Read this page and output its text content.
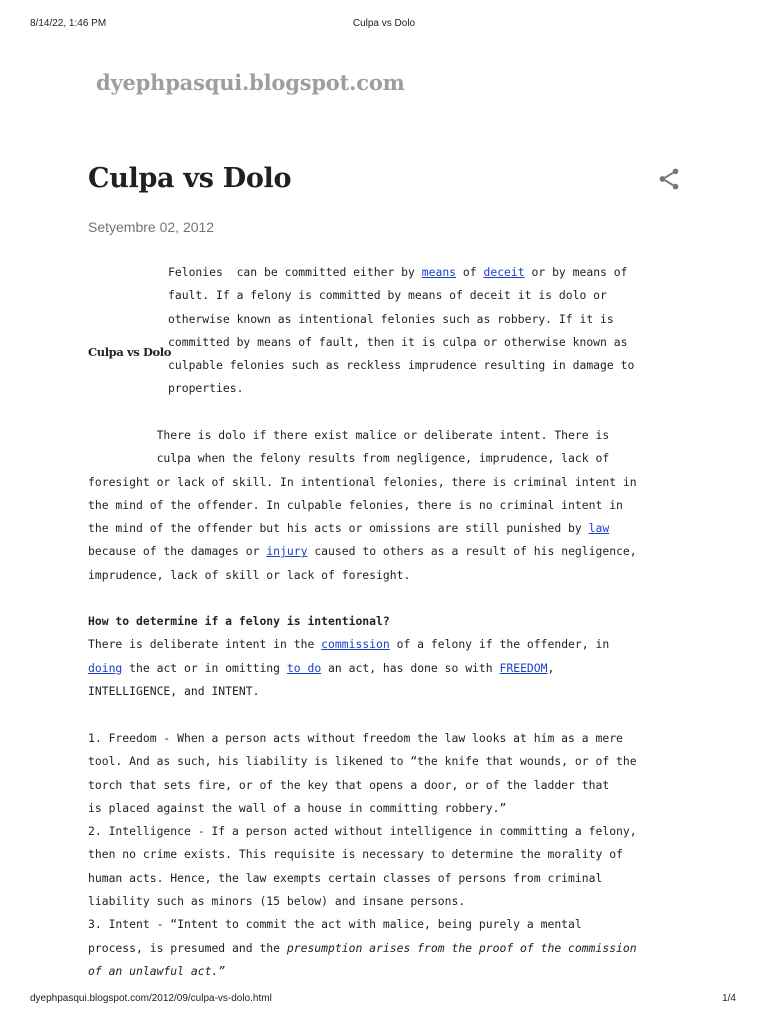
8/14/22, 1:46 PM	Culpa vs Dolo
dyephpasqui.blogspot.com
Culpa vs Dolo
Setyembre 02, 2012
Culpa vs Dolo
Felonies  can be committed either by means of deceit or by means of
fault. If a felony is committed by means of deceit it is dolo or
otherwise known as intentional felonies such as robbery. If it is
committed by means of fault, then it is culpa or otherwise known as
culpable felonies such as reckless imprudence resulting in damage to
properties.
There is dolo if there exist malice or deliberate intent. There is
culpa when the felony results from negligence, imprudence, lack of
foresight or lack of skill. In intentional felonies, there is criminal intent in
the mind of the offender. In culpable felonies, there is no criminal intent in
the mind of the offender but his acts or omissions are still punished by law
because of the damages or injury caused to others as a result of his negligence,
imprudence, lack of skill or lack of foresight.
How to determine if a felony is intentional?
There is deliberate intent in the commission of a felony if the offender, in
doing the act or in omitting to do an act, has done so with FREEDOM,
INTELLIGENCE, and INTENT.
1. Freedom - When a person acts without freedom the law looks at him as a mere
tool. And as such, his liability is likened to “the knife that wounds, or of the
torch that sets fire, or of the key that opens a door, or of the ladder that
is placed against the wall of a house in committing robbery.”
2. Intelligence - If a person acted without intelligence in committing a felony,
then no crime exists. This requisite is necessary to determine the morality of
human acts. Hence, the law exempts certain classes of persons from criminal
liability such as minors (15 below) and insane persons.
3. Intent - “Intent to commit the act with malice, being purely a mental
process, is presumed and the presumption arises from the proof of the commission
of an unlawful act.”
dyephpasqui.blogspot.com/2012/09/culpa-vs-dolo.html	1/4
